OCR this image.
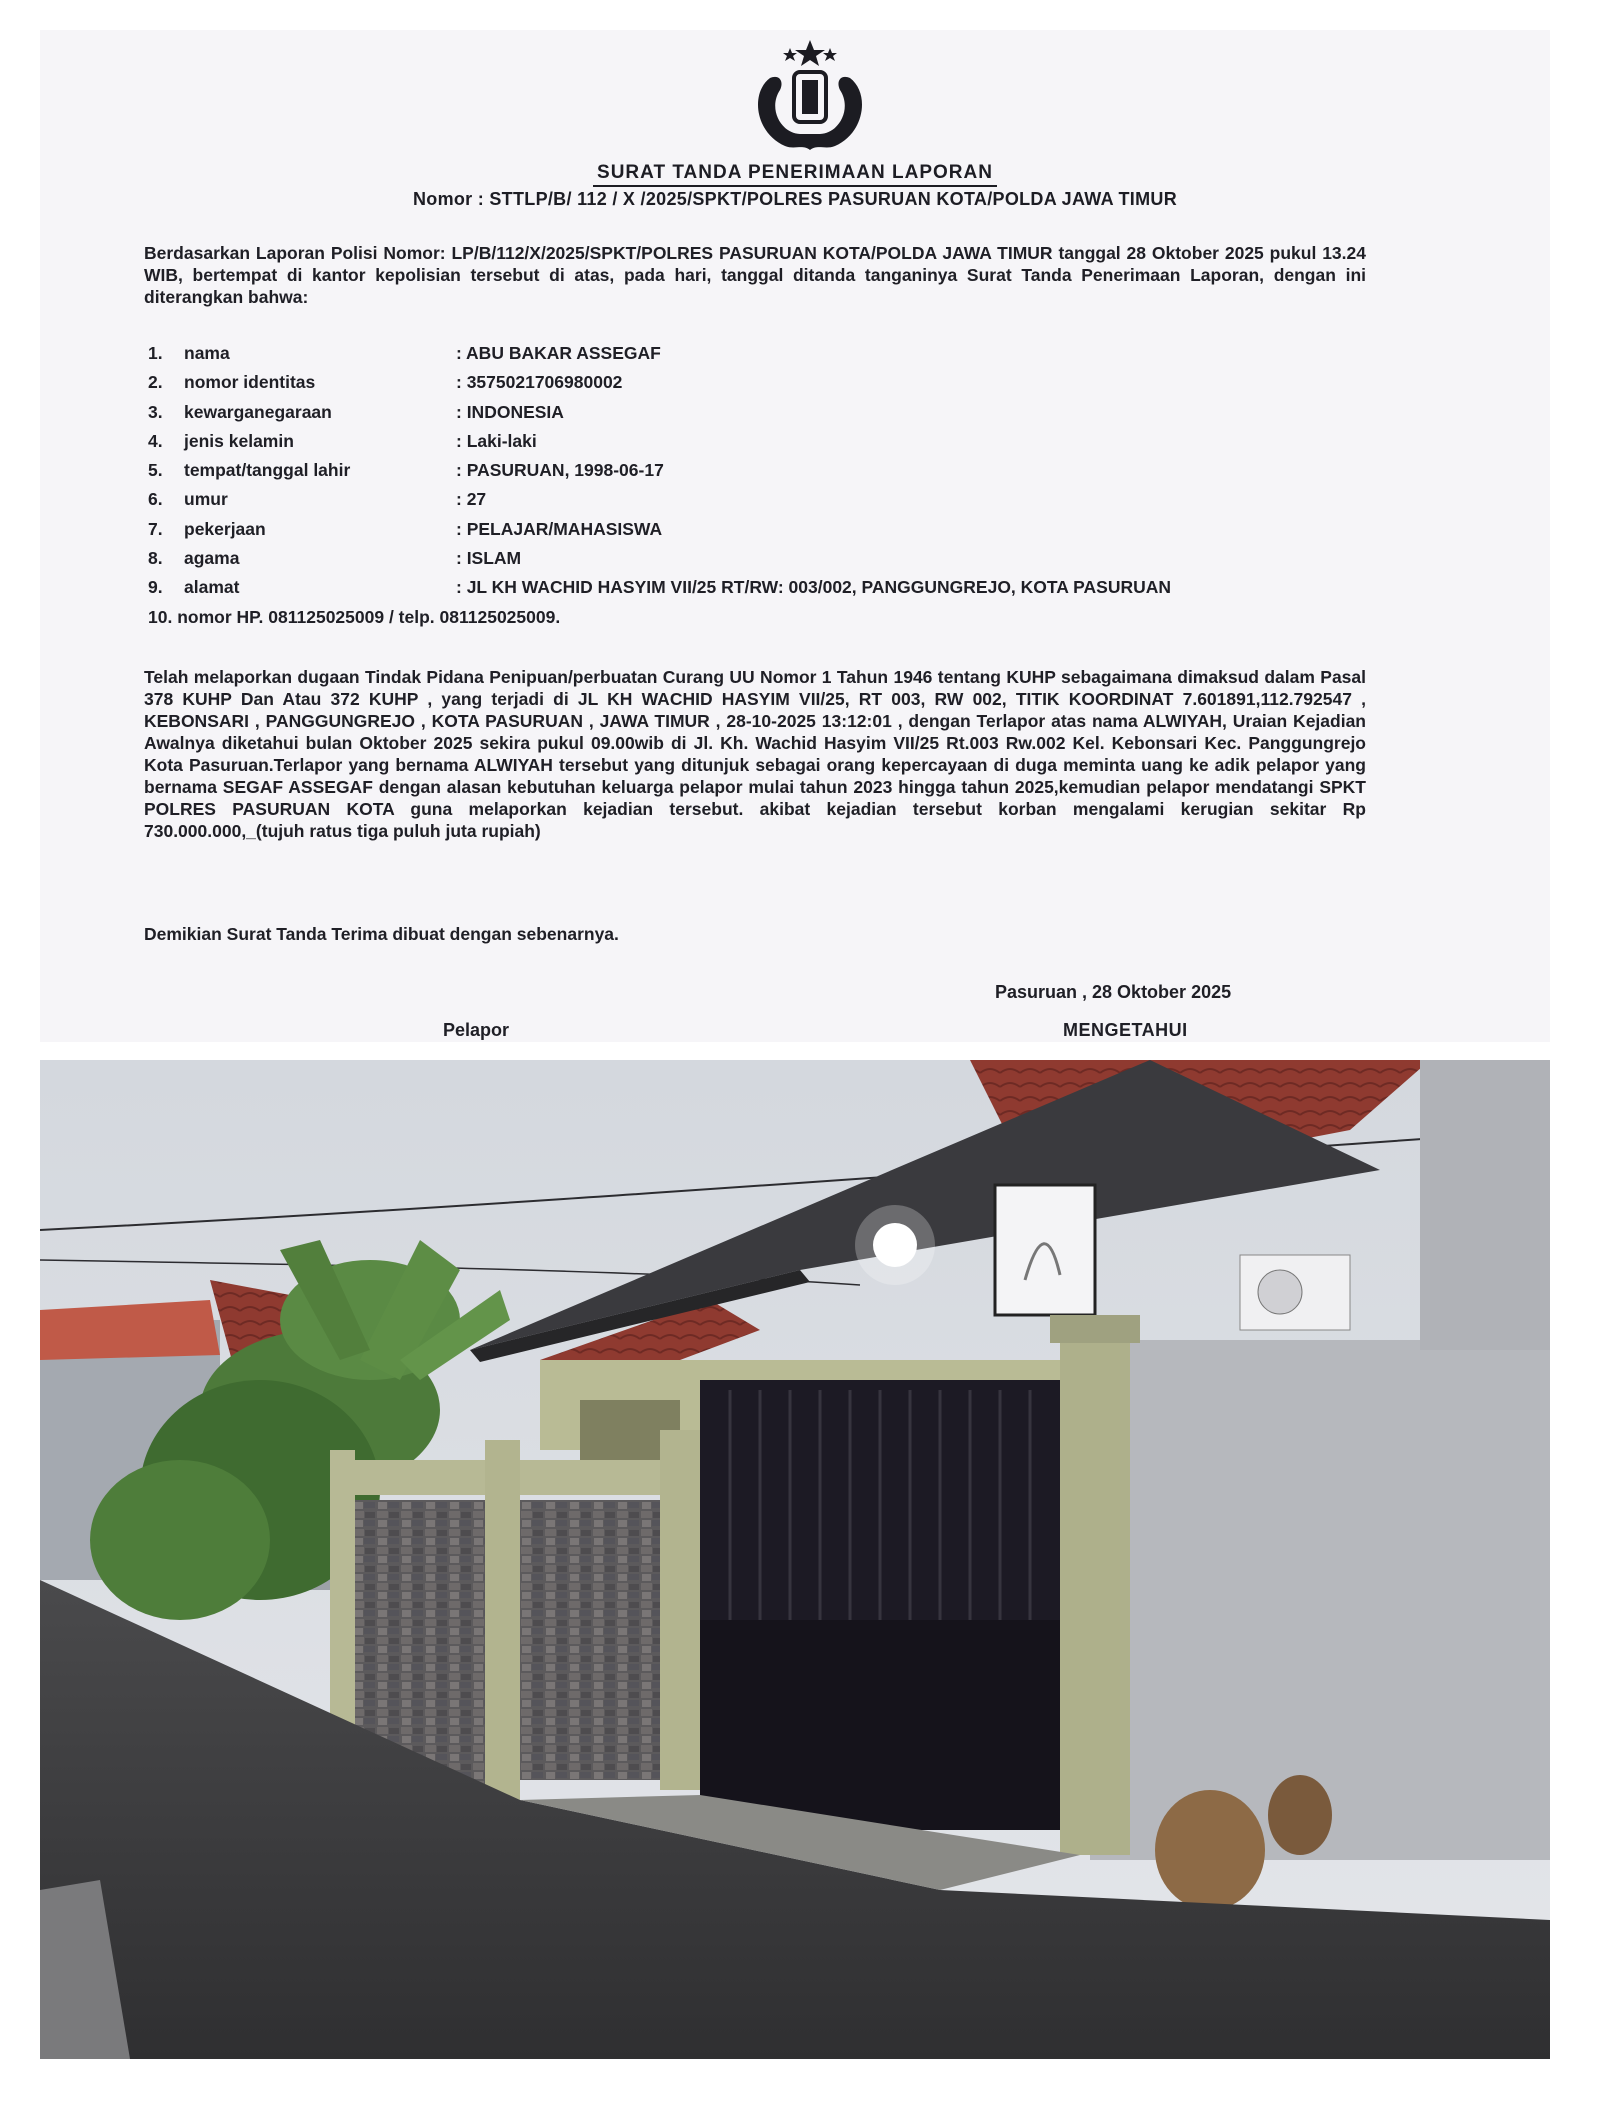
SURAT TANDA PENERIMAAN LAPORAN
Nomor : STTLP/B/ 112 / X /2025/SPKT/POLRES PASURUAN KOTA/POLDA JAWA TIMUR
Berdasarkan Laporan Polisi Nomor: LP/B/112/X/2025/SPKT/POLRES PASURUAN KOTA/POLDA JAWA TIMUR tanggal 28 Oktober 2025 pukul 13.24 WIB, bertempat di kantor kepolisian tersebut di atas, pada hari, tanggal ditanda tanganinya Surat Tanda Penerimaan Laporan, dengan ini diterangkan bahwa:
1.	nama	: ABU BAKAR ASSEGAF
2.	nomor identitas	: 3575021706980002
3.	kewarganegaraan	: INDONESIA
4.	jenis kelamin	: Laki-laki
5.	tempat/tanggal lahir	: PASURUAN, 1998-06-17
6.	umur	: 27
7.	pekerjaan	: PELAJAR/MAHASISWA
8.	agama	: ISLAM
9.	alamat	: JL KH WACHID HASYIM VII/25 RT/RW: 003/002, PANGGUNGREJO, KOTA PASURUAN
10. nomor HP. 081125025009 / telp. 081125025009.
Telah melaporkan dugaan Tindak Pidana Penipuan/perbuatan Curang UU Nomor 1 Tahun 1946 tentang KUHP sebagaimana dimaksud dalam Pasal 378 KUHP Dan Atau 372 KUHP , yang terjadi di JL KH WACHID HASYIM VII/25, RT 003, RW 002, TITIK KOORDINAT 7.601891,112.792547 , KEBONSARI , PANGGUNGREJO , KOTA PASURUAN , JAWA TIMUR , 28-10-2025 13:12:01 , dengan Terlapor atas nama ALWIYAH, Uraian Kejadian Awalnya diketahui bulan Oktober 2025 sekira pukul 09.00wib di Jl. Kh. Wachid Hasyim VII/25 Rt.003 Rw.002 Kel. Kebonsari Kec. Panggungrejo Kota Pasuruan.Terlapor yang bernama ALWIYAH tersebut yang ditunjuk sebagai orang kepercayaan di duga meminta uang ke adik pelapor yang bernama SEGAF ASSEGAF dengan alasan kebutuhan keluarga pelapor mulai tahun 2023 hingga tahun 2025,kemudian pelapor mendatangi SPKT POLRES PASURUAN KOTA guna melaporkan kejadian tersebut. akibat kejadian tersebut korban mengalami kerugian sekitar Rp 730.000.000,_(tujuh ratus tiga puluh juta rupiah)
Demikian Surat Tanda Terima dibuat dengan sebenarnya.
Pasuruan , 28 Oktober 2025
Pelapor	MENGETAHUI
